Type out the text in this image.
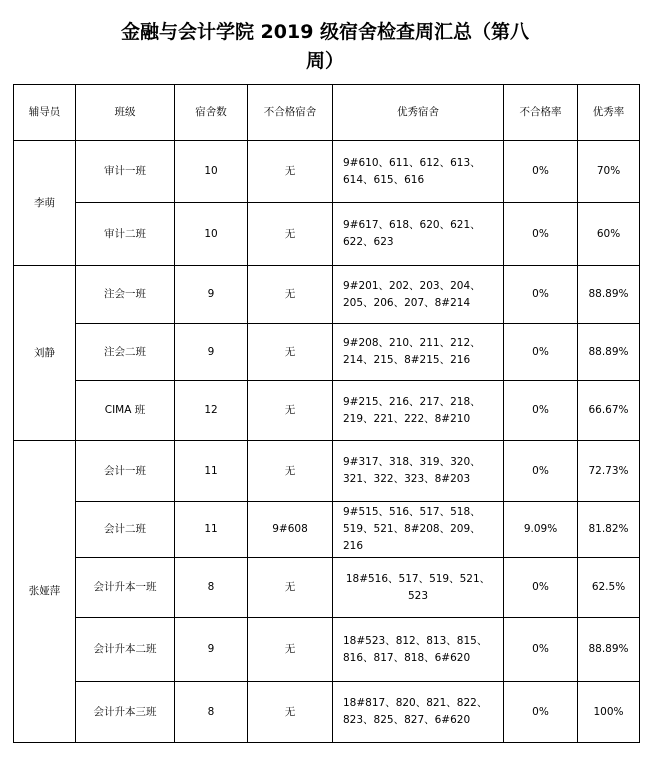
金融与会计学院 2019 级宿舍检查周汇总（第八
周）
辅导员	班级	宿舍数	不合格宿舍	优秀宿舍	不合格率	优秀率
李萌	审计一班	10	无	9#610、611、612、613、614、615、616	0%	70%
	审计二班	10	无	9#617、618、620、621、622、623	0%	60%
刘静	注会一班	9	无	9#201、202、203、204、205、206、207、8#214	0%	88.89%
	注会二班	9	无	9#208、210、211、212、214、215、8#215、216	0%	88.89%
	CIMA 班	12	无	9#215、216、217、218、219、221、222、8#210	0%	66.67%
张娅萍	会计一班	11	无	9#317、318、319、320、321、322、323、8#203	0%	72.73%
	会计二班	11	9#608	9#515、516、517、518、519、521、8#208、209、216	9.09%	81.82%
	会计升本一班	8	无	18#516、517、519、521、523	0%	62.5%
	会计升本二班	9	无	18#523、812、813、815、816、817、818、6#620	0%	88.89%
	会计升本三班	8	无	18#817、820、821、822、823、825、827、6#620	0%	100%
